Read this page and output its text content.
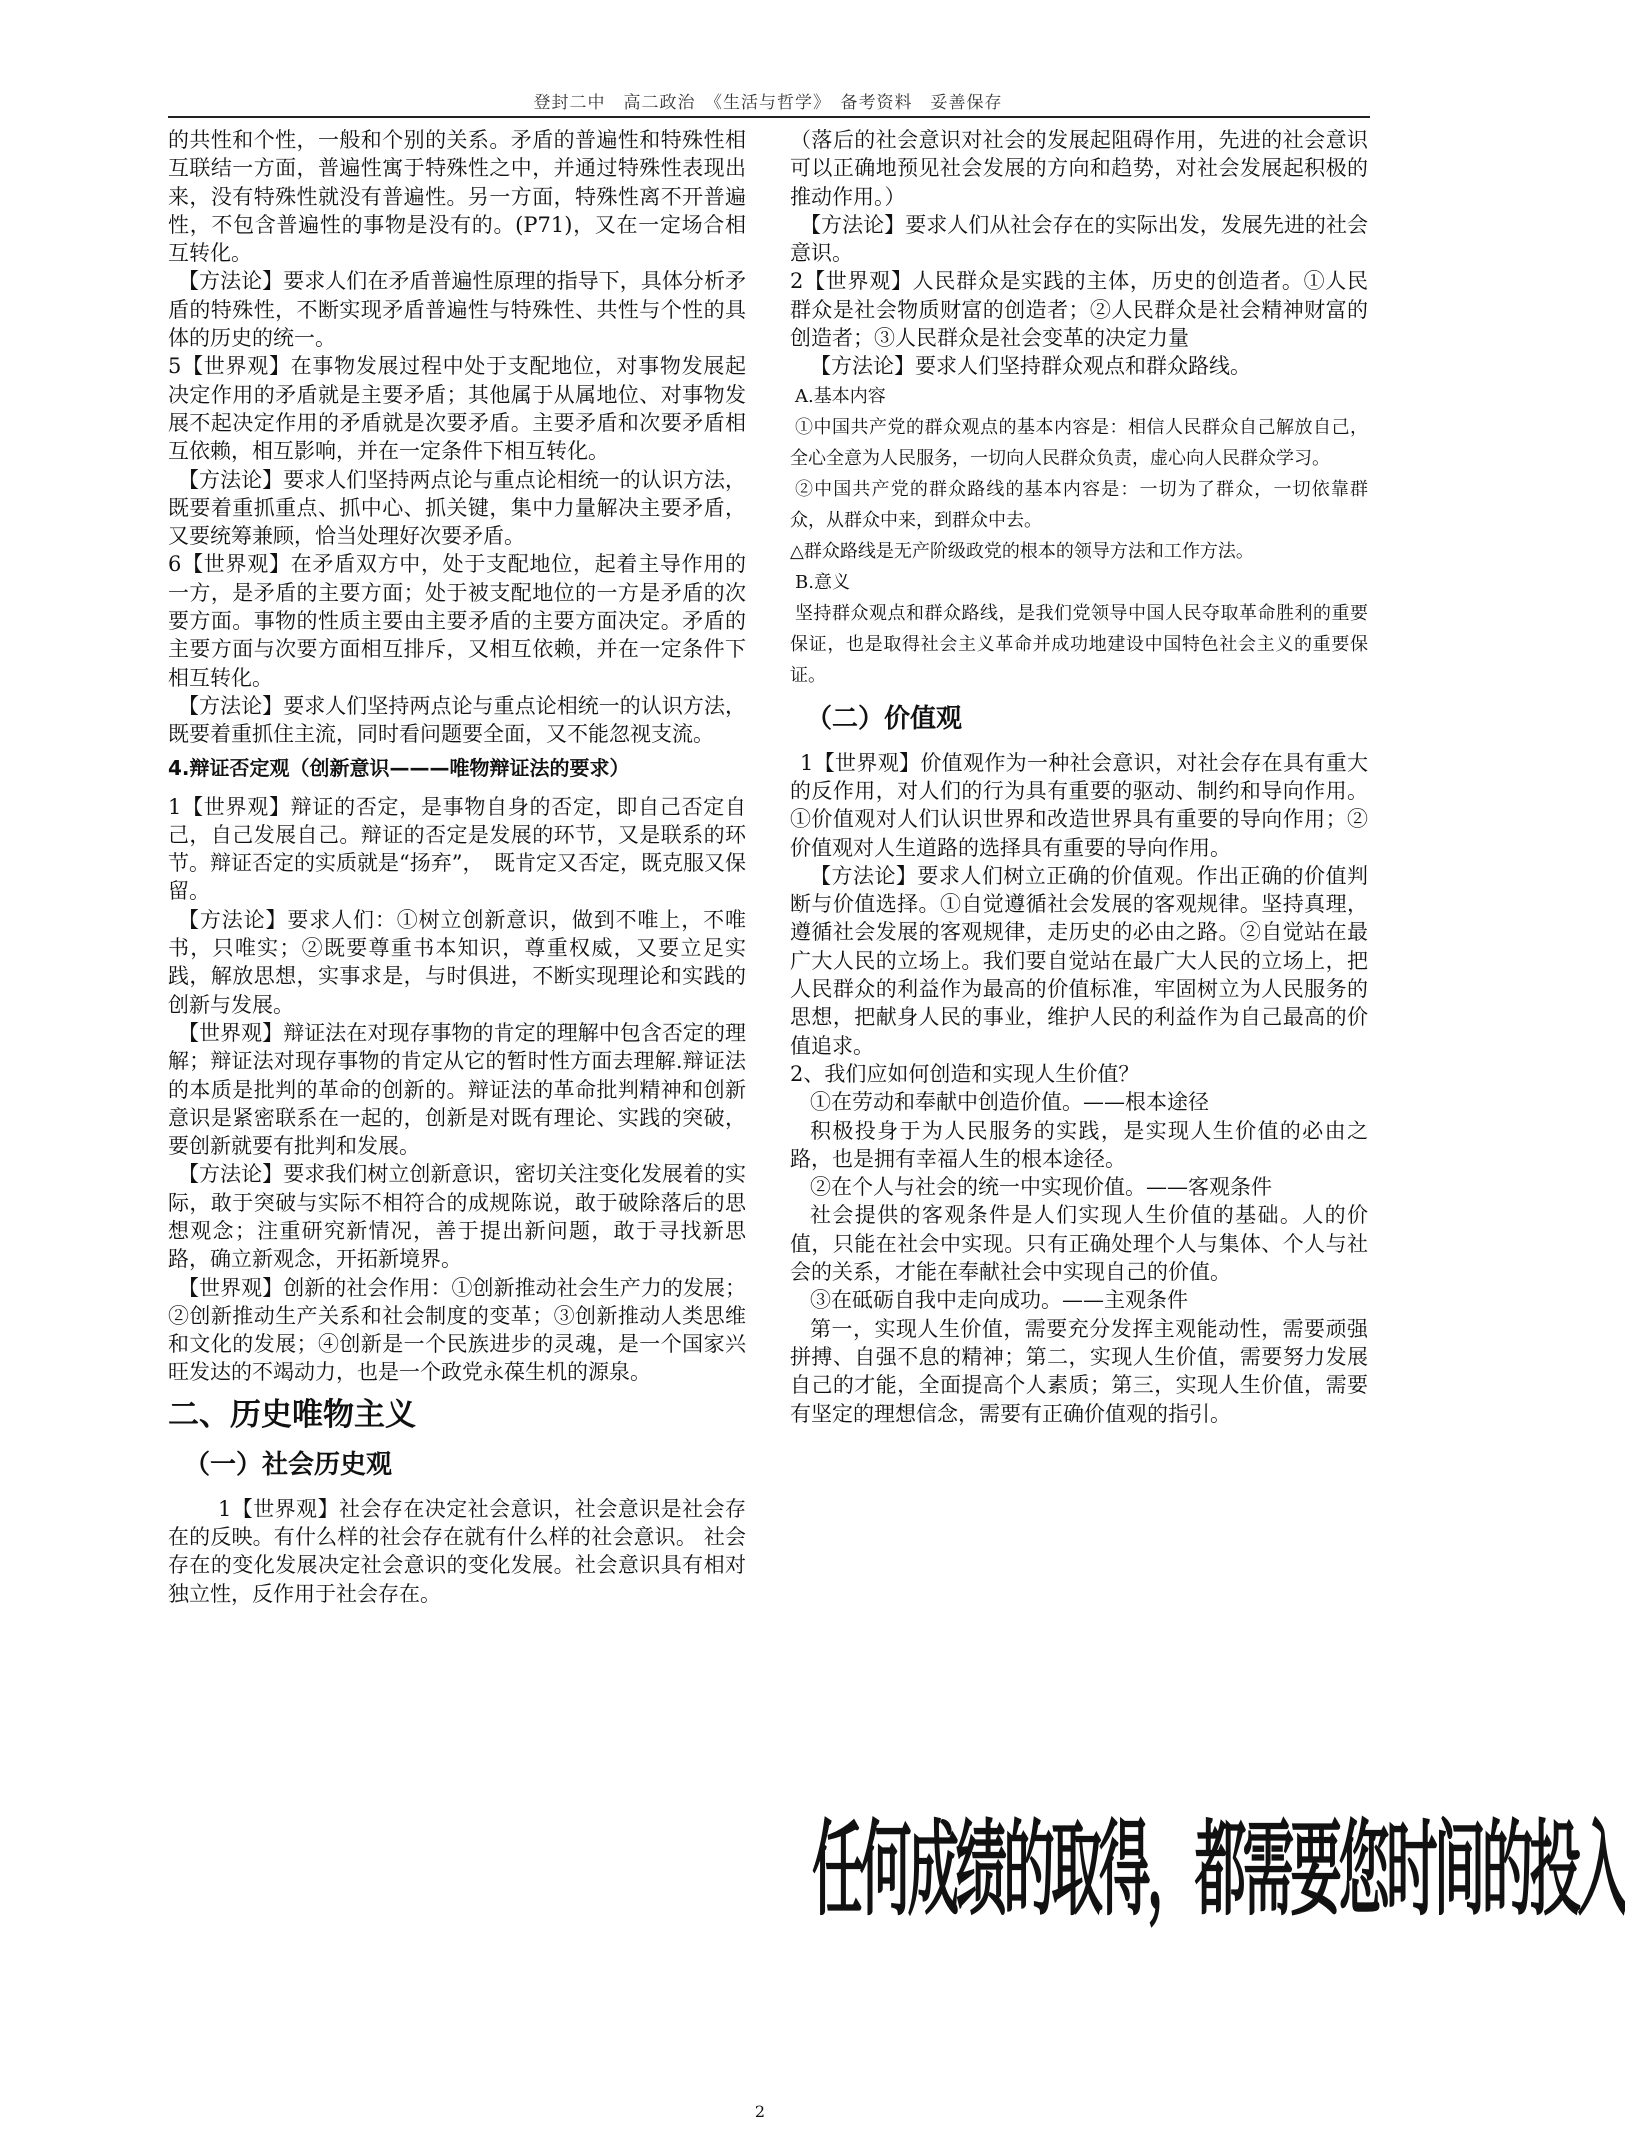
登封二中　高二政治　《生活与哲学》　备考资料　妥善保存

的共性和个性，一般和个别的关系。矛盾的普遍性和特殊性相互联结一方面，普遍性寓于特殊性之中，并通过特殊性表现出来，没有特殊性就没有普遍性。另一方面，特殊性离不开普遍性，不包含普遍性的事物是没有的。(P71)，又在一定场合相互转化。

【方法论】要求人们在矛盾普遍性原理的指导下，具体分析矛盾的特殊性，不断实现矛盾普遍性与特殊性、共性与个性的具体的历史的统一。

5【世界观】在事物发展过程中处于支配地位，对事物发展起决定作用的矛盾就是主要矛盾；其他属于从属地位、对事物发展不起决定作用的矛盾就是次要矛盾。主要矛盾和次要矛盾相互依赖，相互影响，并在一定条件下相互转化。

【方法论】要求人们坚持两点论与重点论相统一的认识方法，既要着重抓重点、抓中心、抓关键，集中力量解决主要矛盾，又要统筹兼顾，恰当处理好次要矛盾。

6【世界观】在矛盾双方中，处于支配地位，起着主导作用的一方，是矛盾的主要方面；处于被支配地位的一方是矛盾的次要方面。事物的性质主要由主要矛盾的主要方面决定。矛盾的主要方面与次要方面相互排斥，又相互依赖，并在一定条件下相互转化。

【方法论】要求人们坚持两点论与重点论相统一的认识方法，既要着重抓住主流，同时看问题要全面，又不能忽视支流。

4.辩证否定观（创新意识———唯物辩证法的要求）

1【世界观】辩证的否定，是事物自身的否定，即自己否定自己，自己发展自己。辩证的否定是发展的环节，又是联系的环节。辩证否定的实质就是“扬弃”，　既肯定又否定，既克服又保留。

【方法论】要求人们：①树立创新意识，做到不唯上，不唯书，只唯实；②既要尊重书本知识，尊重权威，又要立足实践，解放思想，实事求是，与时俱进，不断实现理论和实践的创新与发展。

【世界观】辩证法在对现存事物的肯定的理解中包含否定的理解；辩证法对现存事物的肯定从它的暂时性方面去理解.辩证法的本质是批判的革命的创新的。辩证法的革命批判精神和创新意识是紧密联系在一起的，创新是对既有理论、实践的突破，要创新就要有批判和发展。

【方法论】要求我们树立创新意识，密切关注变化发展着的实际，敢于突破与实际不相符合的成规陈说，敢于破除落后的思想观念；注重研究新情况，善于提出新问题，敢于寻找新思路，确立新观念，开拓新境界。

【世界观】创新的社会作用：①创新推动社会生产力的发展；②创新推动生产关系和社会制度的变革；③创新推动人类思维和文化的发展；④创新是一个民族进步的灵魂，是一个国家兴旺发达的不竭动力，也是一个政党永葆生机的源泉。

二、历史唯物主义
（一）社会历史观

1【世界观】社会存在决定社会意识，社会意识是社会存在的反映。有什么样的社会存在就有什么样的社会意识。 社会存在的变化发展决定社会意识的变化发展。社会意识具有相对独立性，反作用于社会存在。

（落后的社会意识对社会的发展起阻碍作用，先进的社会意识可以正确地预见社会发展的方向和趋势，对社会发展起积极的推动作用。）

【方法论】要求人们从社会存在的实际出发，发展先进的社会意识。

2【世界观】人民群众是实践的主体，历史的创造者。①人民群众是社会物质财富的创造者；②人民群众是社会精神财富的创造者；③人民群众是社会变革的决定力量

【方法论】要求人们坚持群众观点和群众路线。

A.基本内容

①中国共产党的群众观点的基本内容是：相信人民群众自己解放自己，全心全意为人民服务，一切向人民群众负责，虚心向人民群众学习。

②中国共产党的群众路线的基本内容是：一切为了群众，一切依靠群众，从群众中来，到群众中去。

△群众路线是无产阶级政党的根本的领导方法和工作方法。

B.意义

坚持群众观点和群众路线，是我们党领导中国人民夺取革命胜利的重要保证，也是取得社会主义革命并成功地建设中国特色社会主义的重要保证。

（二）价值观

1【世界观】价值观作为一种社会意识，对社会存在具有重大的反作用，对人们的行为具有重要的驱动、制约和导向作用。①价值观对人们认识世界和改造世界具有重要的导向作用；②价值观对人生道路的选择具有重要的导向作用。

【方法论】要求人们树立正确的价值观。作出正确的价值判断与价值选择。①自觉遵循社会发展的客观规律。坚持真理，遵循社会发展的客观规律，走历史的必由之路。②自觉站在最广大人民的立场上。我们要自觉站在最广大人民的立场上，把人民群众的利益作为最高的价值标准，牢固树立为人民服务的思想，把献身人民的事业，维护人民的利益作为自己最高的价值追求。

2、我们应如何创造和实现人生价值？

①在劳动和奉献中创造价值。——根本途径

积极投身于为人民服务的实践，是实现人生价值的必由之路，也是拥有幸福人生的根本途径。

②在个人与社会的统一中实现价值。——客观条件

社会提供的客观条件是人们实现人生价值的基础。人的价值，只能在社会中实现。只有正确处理个人与集体、个人与社会的关系，才能在奉献社会中实现自己的价值。

③在砥砺自我中走向成功。——主观条件

第一，实现人生价值，需要充分发挥主观能动性，需要顽强拼搏、自强不息的精神；第二，实现人生价值，需要努力发展自己的才能，全面提高个人素质；第三，实现人生价值，需要有坚定的理想信念，需要有正确价值观的指引。

任何成绩的取得，都需要您时间的投入
2
